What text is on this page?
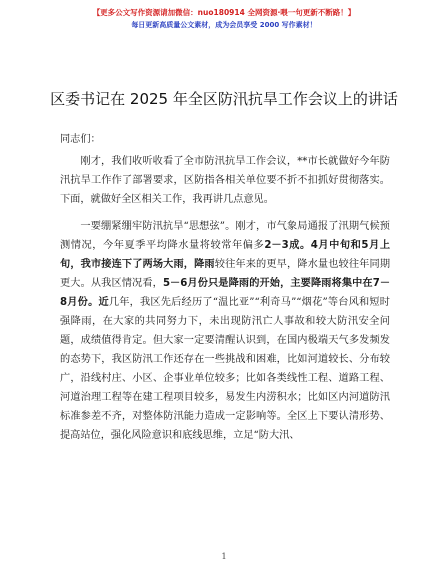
【更多公文写作资源请加微信：nuo180914 全网资源·喂一句更新不断路！】
每日更新高质量公文素材，成为会员享受 2000 写作素材！
区委书记在 2025 年全区防汛抗旱工作会议上的讲话

同志们：

刚才，我们收听收看了全市防汛抗旱工作会议，**市长就做好今年防汛抗旱工作作了部署要求，区防指各相关单位要不折不扣抓好贯彻落实。下面，就做好全区相关工作，我再讲几点意见。

一要绷紧绷牢防汛抗旱“思想弦”。刚才，市气象局通报了汛期气候预测情况，今年夏季平均降水量将较常年偏多2－3成。4月中旬和5月上旬，我市接连下了两场大雨，降雨较往年来的更早，降水量也较往年同期更大。从我区情况看，5－6月份只是降雨的开始，主要降雨将集中在7－8月份。近几年，我区先后经历了“温比亚”“利奇马”“烟花”等台风和短时强降雨，在大家的共同努力下，未出现防汛亡人事故和较大防汛安全问题，成绩值得肯定。但大家一定要清醒认识到，在国内极端天气多发频发的态势下，我区防汛工作还存在一些挑战和困难，比如河道较长、分布较广，沿线村庄、小区、企事业单位较多；比如各类线性工程、道路工程、河道治理工程等在建工程项目较多，易发生内涝积水；比如区内河道防汛标准参差不齐，对整体防汛能力造成一定影响等。全区上下要认清形势、提高站位，强化风险意识和底线思维，立足“防大汛、

1
